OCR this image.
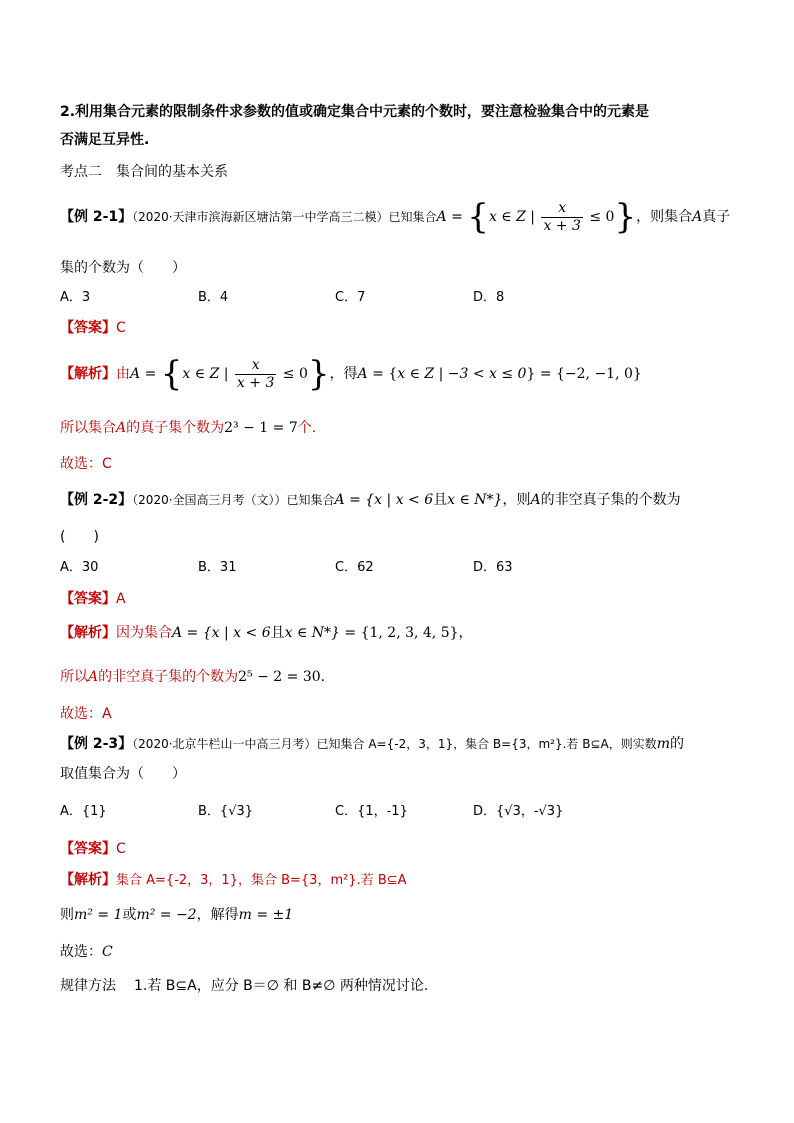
2.利用集合元素的限制条件求参数的值或确定集合中元素的个数时，要注意检验集合中的元素是
否满足互异性.
考点二　集合间的基本关系
【例 2-1】（2020·天津市滨海新区塘沽第一中学高三二模）已知集合A = {x ∈ Z | $\frac{x}{x + 3} \le 0$}，则集合A真子
集的个数为（　　）
A．3	B．4	C．7	D．8
【答案】C
【解析】由A = {x ∈ Z | $\frac{x}{x + 3} \le 0$}，得A = {x ∈ Z | −3 < x ≤ 0} = {−2, −1, 0}
所以集合A的真子集个数为2³ − 1 = 7个.
故选：C
【例 2-2】（2020·全国高三月考（文））已知集合A = {x | x < 6且x ∈ N*}，则A的非空真子集的个数为
(　　)
A．30	B．31	C．62	D．63
【答案】A
【解析】因为集合A = {x | x < 6且x ∈ N*} = {1, 2, 3, 4, 5}，
所以A的非空真子集的个数为2⁵ − 2 = 30．
故选：A
【例 2-3】（2020·北京牛栏山一中高三月考）已知集合 A={-2，3，1}，集合 B={3，m²}.若 B⊆A，则实数m的
取值集合为（　　）
A．{1}	B．{√3}	C．{1，-1}	D．{√3，-√3}
【答案】C
【解析】集合 A={-2，3，1}，集合 B={3，m²}.若 B⊆A
则m² = 1或m² = −2，解得m = ±1
故选：C
规律方法 1.若 B⊆A，应分 B＝∅ 和 B≠∅ 两种情况讨论.
